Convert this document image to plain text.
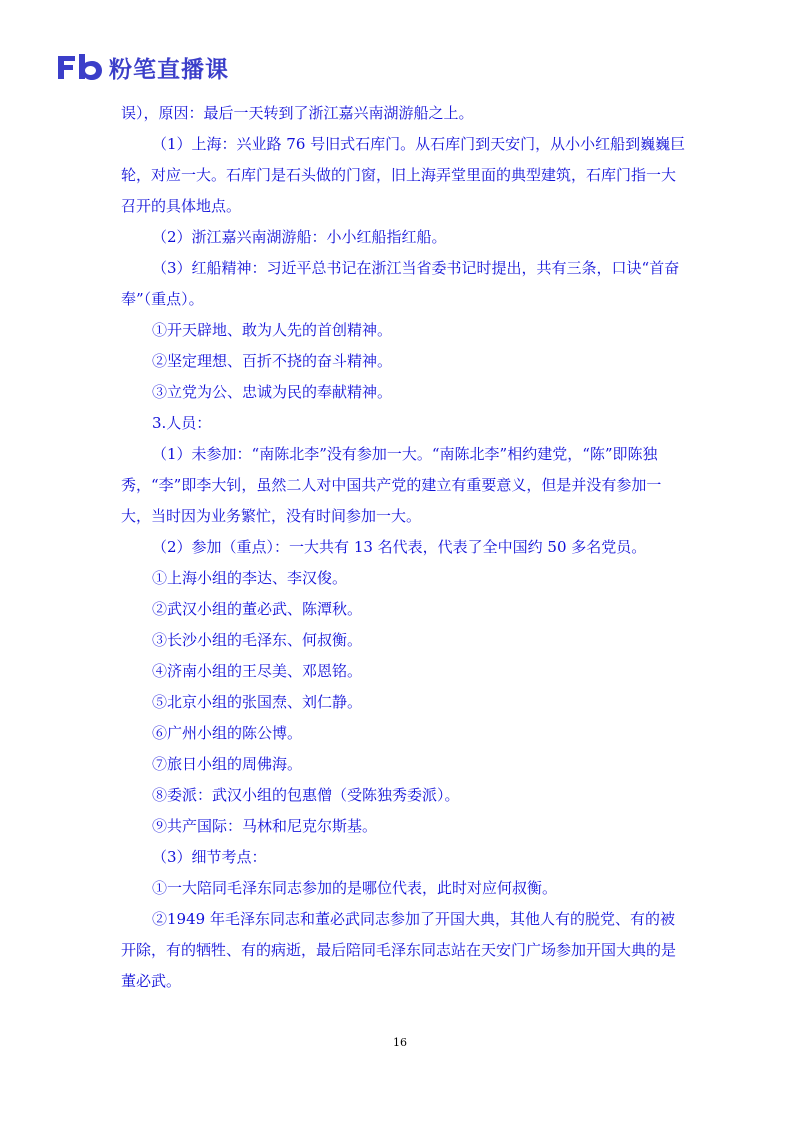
粉笔直播课

误），原因：最后一天转到了浙江嘉兴南湖游船之上。

（1）上海：兴业路 76 号旧式石库门。从石库门到天安门，从小小红船到巍巍巨轮，对应一大。石库门是石头做的门窗，旧上海弄堂里面的典型建筑，石库门指一大召开的具体地点。

（2）浙江嘉兴南湖游船：小小红船指红船。

（3）红船精神：习近平总书记在浙江当省委书记时提出，共有三条，口诀“首奋奉”（重点）。

①开天辟地、敢为人先的首创精神。

②坚定理想、百折不挠的奋斗精神。

③立党为公、忠诚为民的奉献精神。

3.人员：

（1）未参加：“南陈北李”没有参加一大。“南陈北李”相约建党，“陈”即陈独秀，“李”即李大钊，虽然二人对中国共产党的建立有重要意义，但是并没有参加一大，当时因为业务繁忙，没有时间参加一大。

（2）参加（重点）：一大共有 13 名代表，代表了全中国约 50 多名党员。

①上海小组的李达、李汉俊。

②武汉小组的董必武、陈潭秋。

③长沙小组的毛泽东、何叔衡。

④济南小组的王尽美、邓恩铭。

⑤北京小组的张国焘、刘仁静。

⑥广州小组的陈公博。

⑦旅日小组的周佛海。

⑧委派：武汉小组的包惠僧（受陈独秀委派）。

⑨共产国际：马林和尼克尔斯基。

（3）细节考点：

①一大陪同毛泽东同志参加的是哪位代表，此时对应何叔衡。

②1949 年毛泽东同志和董必武同志参加了开国大典，其他人有的脱党、有的被开除，有的牺牲、有的病逝，最后陪同毛泽东同志站在天安门广场参加开国大典的是董必武。

16
